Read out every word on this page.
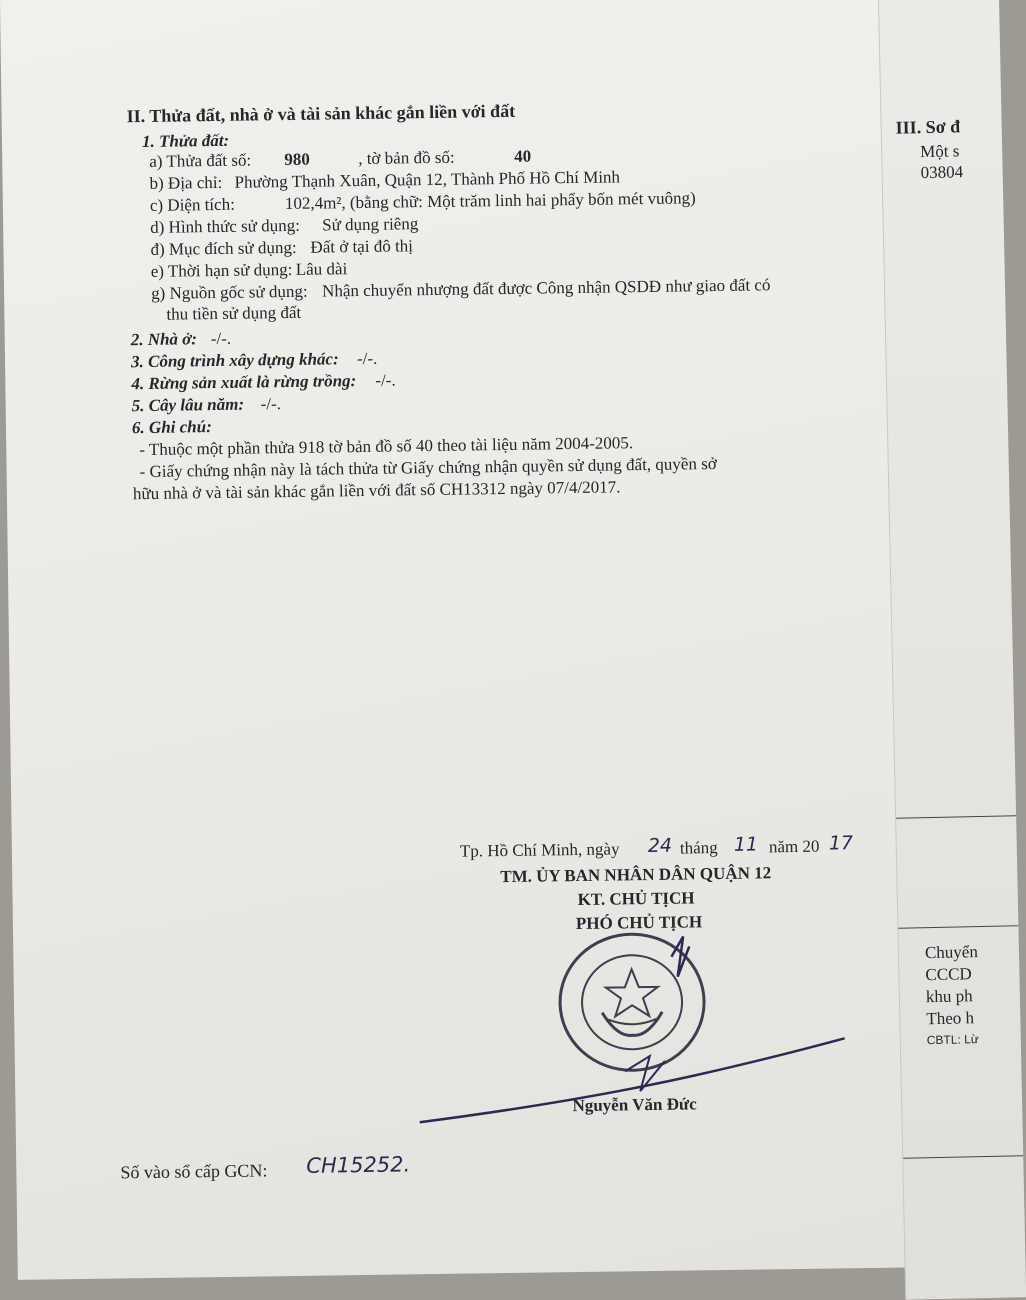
II. Thửa đất, nhà ở và tài sản khác gắn liền với đất
1. Thửa đất:
a) Thửa đất số: 980	, tờ bản đồ số:	40
b) Địa chỉ: Phường Thạnh Xuân, Quận 12, Thành Phố Hồ Chí Minh
c) Diện tích:	102,4m², (bằng chữ: Một trăm linh hai phẩy bốn mét vuông)
d) Hình thức sử dụng: Sử dụng riêng
đ) Mục đích sử dụng: Đất ở tại đô thị
e) Thời hạn sử dụng: Lâu dài
g) Nguồn gốc sử dụng: Nhận chuyển nhượng đất được Công nhận QSDĐ như giao đất có
thu tiền sử dụng đất
2. Nhà ở: -/-.
3. Công trình xây dựng khác: -/-.
4. Rừng sản xuất là rừng trồng: -/-.
5. Cây lâu năm: -/-.
6. Ghi chú:
- Thuộc một phần thửa 918 tờ bản đồ số 40 theo tài liệu năm 2004-2005.
- Giấy chứng nhận này là tách thửa từ Giấy chứng nhận quyền sử dụng đất, quyền sở
hữu nhà ở và tài sản khác gắn liền với đất số CH13312 ngày 07/4/2017.
Tp. Hồ Chí Minh, ngày 24 tháng 11 năm 20 17
TM. ỦY BAN NHÂN DÂN QUẬN 12
KT. CHỦ TỊCH
PHÓ CHỦ TỊCH
Nguyễn Văn Đức
Số vào sổ cấp GCN: CH15252.
III. Sơ đ
Một s
03804
Chuyển
CCCD
khu ph
Theo h
CBTL: Lừ
